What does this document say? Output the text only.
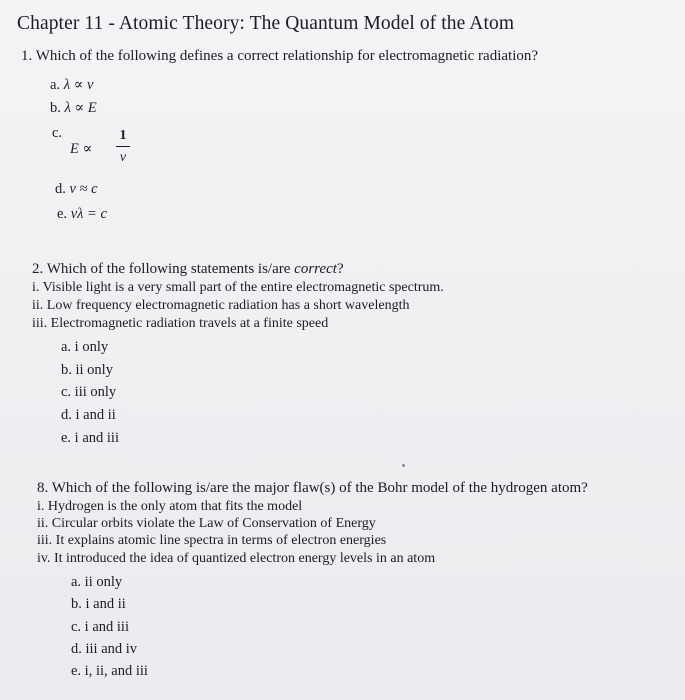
Chapter 11 - Atomic Theory: The Quantum Model of the Atom
1. Which of the following defines a correct relationship for electromagnetic radiation?
a. λ ∝ ν
b. λ ∝ E
c.
E ∝
1
ν
d. ν ≈ c
e. νλ = c
2. Which of the following statements is/are correct?
i. Visible light is a very small part of the entire electromagnetic spectrum.
ii. Low frequency electromagnetic radiation has a short wavelength
iii. Electromagnetic radiation travels at a finite speed
a. i only
b. ii only
c. iii only
d. i and ii
e. i and iii
8. Which of the following is/are the major flaw(s) of the Bohr model of the hydrogen atom?
i. Hydrogen is the only atom that fits the model
ii. Circular orbits violate the Law of Conservation of Energy
iii. It explains atomic line spectra in terms of electron energies
iv. It introduced the idea of quantized electron energy levels in an atom
a. ii only
b. i and ii
c. i and iii
d. iii and iv
e. i, ii, and iii
